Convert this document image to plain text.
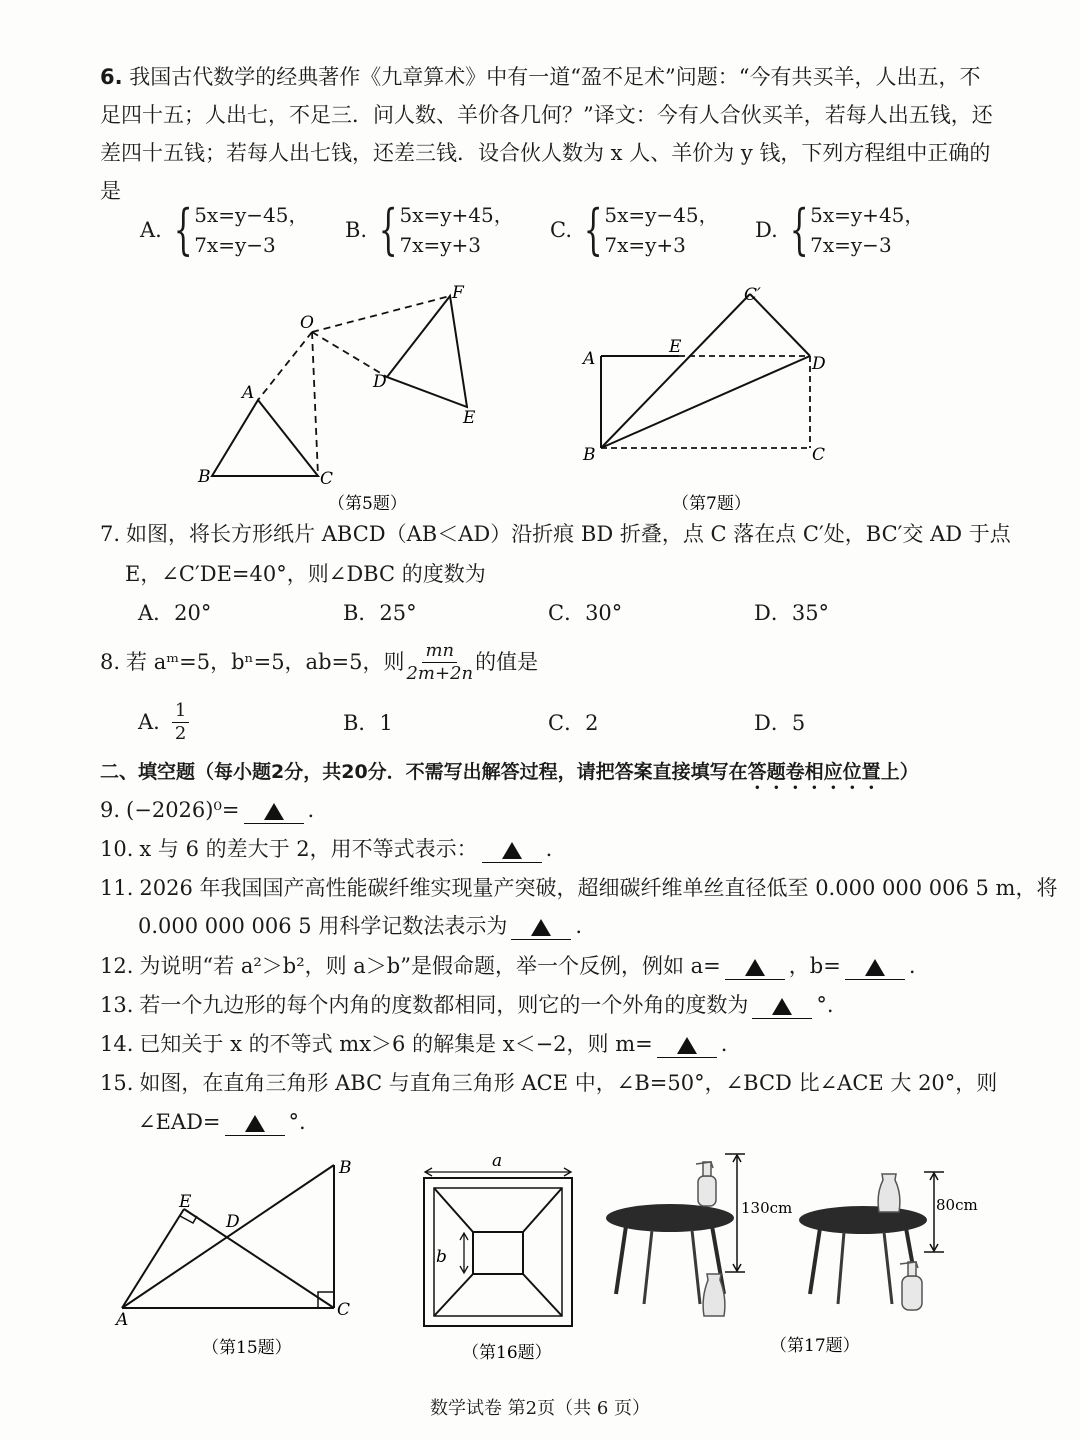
6. 我国古代数学的经典著作《九章算术》中有一道“盈不足术”问题：“今有共买羊，人出五，不足四十五；人出七，不足三．问人数、羊价各几何？”译文：今有人合伙买羊，若每人出五钱，还差四十五钱；若每人出七钱，还差三钱．设合伙人数为 x 人、羊价为 y 钱，下列方程组中正确的是
A. { 5x=y−45，
7x=y−3
B. { 5x=y+45，
7x=y+3
C. { 5x=y−45，
7x=y+3
D. { 5x=y+45，
7x=y−3
O
A
B	C
D
E
F
（第5题）
A
B	C
D
E
C′
（第7题）
7. 如图，将长方形纸片 ABCD（AB＜AD）沿折痕 BD 折叠，点 C 落在点 C′处，BC′交 AD 于点
E，∠C′DE=40°，则∠DBC 的度数为
A．20°	B．25°	C．30°	D．35°
8. 若 aᵐ=5，bⁿ=5，ab=5，则 $\frac{mn}{2m+2n}$ 的值是
A. $\frac{1}{2}$	B．1	C．2	D．5
二、填空题（每小题2分，共20分．不需写出解答过程，请把答案直接填写在答题卷相应位置上）
9. (−2026)⁰=	.
10. x 与 6 的差大于 2，用不等式表示：	.
11. 2026 年我国国产高性能碳纤维实现量产突破，超细碳纤维单丝直径低至 0.000 000 006 5 m，将
0.000 000 006 5 用科学记数法表示为	.
12. 为说明“若 a²＞b²，则 a＞b”是假命题，举一个反例，例如 a=	，b=	.
13. 若一个九边形的每个内角的度数都相同，则它的一个外角的度数为	°.
14. 已知关于 x 的不等式 mx＞6 的解集是 x＜−2，则 m=	.
15. 如图，在直角三角形 ABC 与直角三角形 ACE 中，∠B=50°，∠BCD 比∠ACE 大 20°，则
∠EAD=	°.
A
B
C
D
E
（第15题）
a
b
（第16题）
130cm	80cm
（第17题）
数学试卷 第2页（共 6 页）
